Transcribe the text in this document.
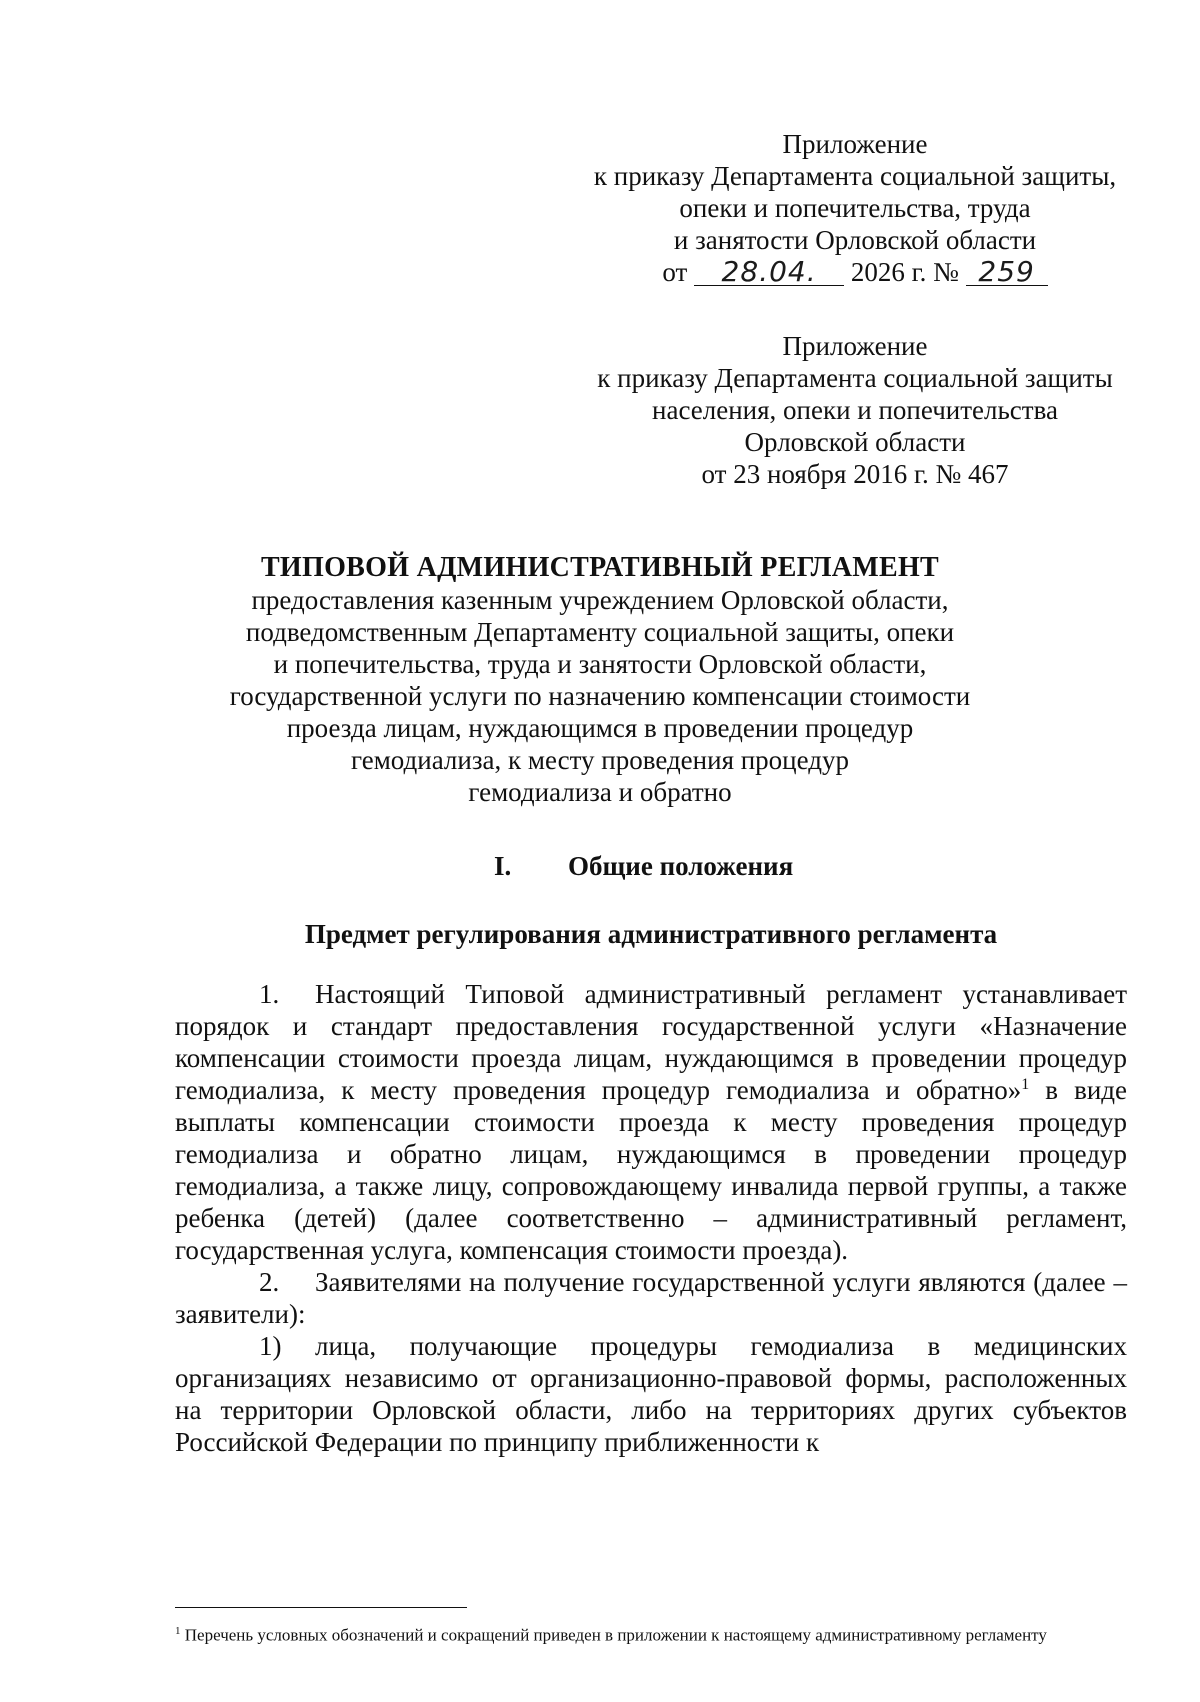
Приложение
к приказу Департамента социальной защиты,
опеки и попечительства, труда
и занятости Орловской области
от 28.04. 2026 г. № 259
Приложение
к приказу Департамента социальной защиты
населения, опеки и попечительства
Орловской области
от 23 ноября 2016 г. № 467
ТИПОВОЙ АДМИНИСТРАТИВНЫЙ РЕГЛАМЕНТ
предоставления казенным учреждением Орловской области,
подведомственным Департаменту социальной защиты, опеки
и попечительства, труда и занятости Орловской области,
государственной услуги по назначению компенсации стоимости
проезда лицам, нуждающимся в проведении процедур
гемодиализа, к месту проведения процедур
гемодиализа и обратно
I. Общие положения
Предмет регулирования административного регламента

1. Настоящий Типовой административный регламент устанавливает порядок и стандарт предоставления государственной услуги «Назначение компенсации стоимости проезда лицам, нуждающимся в проведении процедур гемодиализа, к месту проведения процедур гемодиализа и обратно»$^1$ в виде выплаты компенсации стоимости проезда к месту проведения процедур гемодиализа и обратно лицам, нуждающимся в проведении процедур гемодиализа, а также лицу, сопровождающему инвалида первой группы, а также ребенка (детей) (далее соответственно – административный регламент, государственная услуга, компенсация стоимости проезда).

2. Заявителями на получение государственной услуги являются (далее – заявители):

1) лица, получающие процедуры гемодиализа в медицинских организациях независимо от организационно-правовой формы, расположенных на территории Орловской области, либо на территориях других субъектов Российской Федерации по принципу приближенности к

$^1$ Перечень условных обозначений и сокращений приведен в приложении к настоящему административному регламенту
